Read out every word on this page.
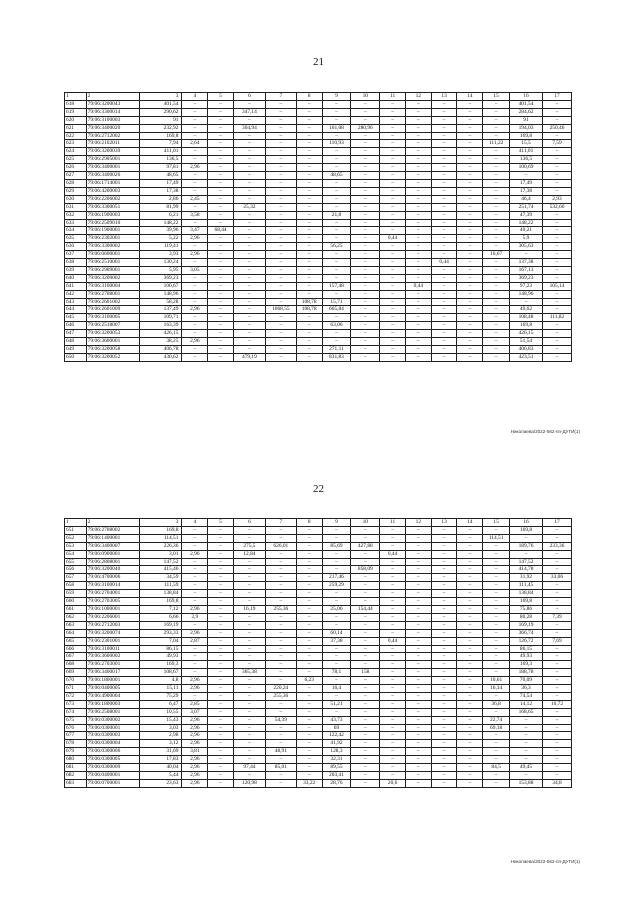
21
1	2	3	4	5	6	7	8	9	10	11	12	13	14	15	16	17
618	79:06:3200043	401,54	–	–	–	–	–	–	–	–	–	–	–	–	401,54	–
619	79:06:3300014	290,62	–	–	347,14	–	–	–	–	–	–	–	–	–	284,62	–
620	79:06:3100003	91	–	–	–	–	–	–	–	–	–	–	–	–	91	–
621	79:06:3400020	232,92	–	–	304,94	–	–	161,08	280,96	–	–	–	–	–	194,03	250,46
622	79:06:2712002	169,8	–	–	–	–	–	–	–	–	–	–	–	–	169,8	–
623	79:06:2102011	7,94	2,64	–	–	–	–	110,93	–	–	–	–	–	111,22	15,5	7,59
624	79:06:3200039	411,01	–	–	–	–	–	–	–	–	–	–	–	–	411,01	–
625	79:06:2905001	136,5	–	–	–	–	–	–	–	–	–	–	–	–	136,5	–
626	79:06:3400001	97,81	2,96	–	–	–	–	–	–	–	–	–	–	–	100,69	–
627	79:06:3400026	48,65	–	–	–	–	–	48,65	–	–	–	–	–	–	–	–
628	79:06:1714001	17,49	–	–	–	–	–	–	–	–	–	–	–	–	17,49	–
629	79:06:4200003	17,38	–	–	–	–	–	–	–	–	–	–	–	–	17,38	–
630	79:06:2206002	2,86	2,45	–	–	–	–	–	–	–	–	–	–	–	46,4	2,93
631	79:06:3300051	81,99	–	–	25,32	–	–	–	–	–	–	–	–	–	251,74	532,66
632	79:06:1900003	6,21	3,58	–	–	–	–	21,8	–	–	–	–	–	–	47,39	–
633	79:06:2509010	148,22	–	–	–	–	–	–	–	–	–	–	–	–	148,22	–
634	79:06:1900001	39,96	3,47	68,44	–	–	–	–	–	–	–	–	–	–	40,21	–
635	79:06:2302001	5,22	2,96	–	–	–	–	–	–	0,44	–	–	–	–	5,9	–
636	79:06:3300002	119,41	–	–	–	–	–	56,25	–	–	–	–	–	–	305,63	–
637	79:06:0600001	3,93	2,96	–	–	–	–	–	–	–	–	–	–	16,67	–	–
638	79:06:2510001	130,24	–	–	–	–	–	–	–	–	–	0,44	–	–	137,38	–
639	79:06:2909001	5,95	3,05	–	–	–	–	–	–	–	–	–	–	–	167,13	–
640	79:06:3200002	369,23	–	–	–	–	–	–	–	–	–	–	–	–	369,23	–
641	79:06:3100004	100,67	–	–	–	–	–	157,48	–	–	0,44	–	–	–	97,23	105,14
642	79:06:2708001	148,96	–	–	–	–	–	–	–	–	–	–	–	–	148,96	–
643	79:06:2601002	58,28	–	–	–	–	108,78	15,71	–	–	–	–	–	–	–	–
644	79:06:2601009	137,49	2,96	–	–	1068,55	108,78	665,84	–	–	–	–	–	–	49,62	–
645	79:06:3100005	109,71	–	–	–	–	–	–	–	–	–	–	–	–	108,48	111,82
646	79:06:2518007	163,39	–	–	–	–	–	63,06	–	–	–	–	–	–	169,8	–
647	79:06:3200053	426,15	–	–	–	–	–	–	–	–	–	–	–	–	426,15	–
648	79:06:3600001	38,25	2,96	–	–	–	–	–	–	–	–	–	–	–	51,54	–
649	79:06:3200058	406,78	–	–	–	–	–	271,11	–	–	–	–	–	–	406,83	–
650	79:06:3200052	430,62	–	–	479,19	–	–	831,83	–	–	–	–	–	–	423,51	–
Николаева/2022-562-пп-ДУГИ(1)
22
1	2	3	4	5	6	7	8	9	10	11	12	13	14	15	16	17
651	79:06:2708002	169,8	–	–	–	–	–	–	–	–	–	–	–	–	169,8	–
652	79:06:1400001	114,51	–	–	–	–	–	–	–	–	–	–	–	114,51	–	–
653	79:06:3400007	226,36	–	–	275,5	626,01	–	85,69	427,88	–	–	–	–	–	189,76	233,36
654	79:06:0900001	3,01	2,96	–	12,84	–	–	–	–	0,44	–	–	–	–	–	–
655	79:06:2808001	147,52	–	–	–	–	–	–	–	–	–	–	–	–	147,52	–
656	79:06:3200040	415,46	–	–	–	–	–	–	858,09	–	–	–	–	–	414,78	–
657	79:06:4700006	34,59	–	–	–	–	–	217,46	–	–	–	–	–	–	31,92	33,06
658	79:06:3100014	111,59	–	–	–	–	–	259,29	–	–	–	–	–	–	111,45	–
659	79:06:2704001	138,84	–	–	–	–	–	–	–	–	–	–	–	–	138,84	–
660	79:06:2703005	169,8	–	–	–	–	–	–	–	–	–	–	–	–	169,8	–
661	79:06:1000001	7,12	2,96	–	16,19	255,36	–	25,06	154,44	–	–	–	–	–	75,86	–
662	79:06:2206001	6,66	2,9	–	–	–	–	–	–	–	–	–	–	–	80,28	7,39
663	79:06:2712003	169,19	–	–	–	–	–	–	–	–	–	–	–	–	169,19	–
664	79:06:3200074	293,33	2,96	–	–	–	–	60,14	–	–	–	–	–	–	366,74	–
665	79:06:2301001	7,04	2,87	–	–	–	–	37,38	–	0,44	–	–	–	–	126,72	7,69
666	79:06:3100011	86,15	–	–	–	–	–	–	–	–	–	–	–	–	86,15	–
667	79:06:3600002	49,93	–	–	–	–	–	–	–	–	–	–	–	–	49,93	–
668	79:06:2703001	169,3	–	–	–	–	–	–	–	–	–	–	–	–	169,3	–
669	79:06:3400017	108,67	–	–	365,38	–	–	78,1	158	–	–	–	–	–	188,78	–
670	79:06:1800001	4,8	2,96	–	–	–	6,23	–	–	–	–	–	–	10,61	70,09	–
671	79:06:0400005	15,11	2,96	–	–	220,24	–	16,4	–	–	–	–	–	16,34	36,3	–
672	79:06:4900004	75,29	–	–	–	255,36	–	–	–	–	–	–	–	–	74,54	–
673	79:06:1800003	6,47	2,85	–	–	–	–	51,21	–	–	–	–	–	36,8	14,12	10,72
674	79:06:2508001	10,55	3,07	–	–	–	–	–	–	–	–	–	–	–	168,65	–
675	79:06:0300002	15,43	2,96	–	–	54,39	–	43,73	–	–	–	–	–	22,74	–	–
676	79:06:0300001	3,03	2,96	–	–	–	–	69	–	–	–	–	–	69,18	–	–
677	79:06:0300003	2,98	2,96	–	–	–	–	122,42	–	–	–	–	–	–	–	–
678	79:06:0300004	3,12	2,96	–	–	–	–	41,92	–	–	–	–	–	–	–	–
679	79:06:0300006	31,69	3,81	–	–	48,91	–	128,3	–	–	–	–	–	–	–	–
680	79:06:0300005	17,83	2,96	–	–	–	–	32,31	–	–	–	–	–	–	–	–
681	79:06:0300009	40,04	2,96	–	97,44	85,01	–	89,55	–	–	–	–	–	84,5	49,45	–
682	79:06:0400001	5,44	2,96	–	–	–	–	203,41	–	–	–	–	–	–	–	–
683	79:06:0700001	23,63	2,96	–	120,98	–	33,22	28,76	–	20,6	–	–	–	–	153,88	34,8
Николаева/2022-562-пп-ДУГИ(1)
